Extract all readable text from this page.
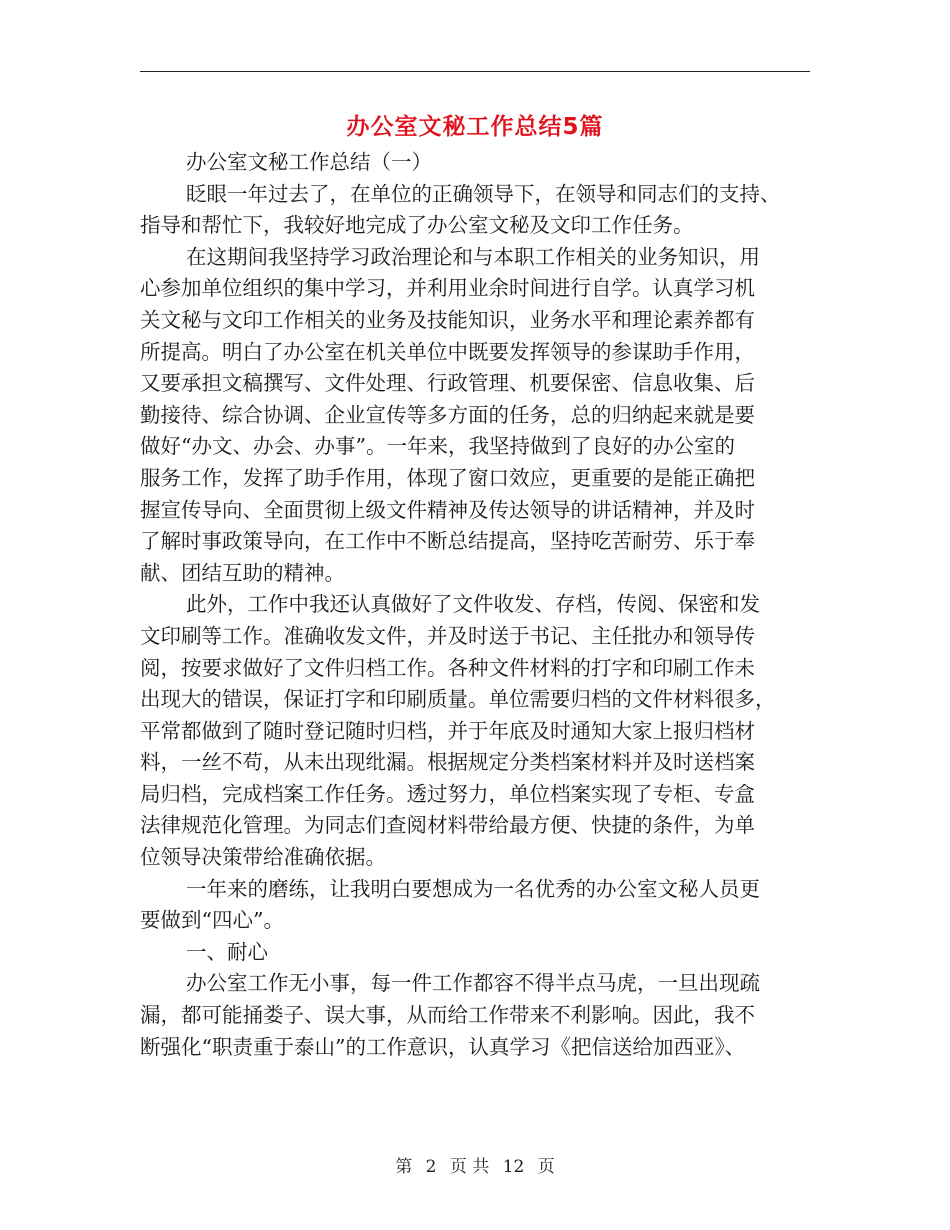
办公室文秘工作总结5篇
办公室文秘工作总结（一）
眨眼一年过去了，在单位的正确领导下，在领导和同志们的支持、
指导和帮忙下，我较好地完成了办公室文秘及文印工作任务。
在这期间我坚持学习政治理论和与本职工作相关的业务知识，用
心参加单位组织的集中学习，并利用业余时间进行自学。认真学习机
关文秘与文印工作相关的业务及技能知识，业务水平和理论素养都有
所提高。明白了办公室在机关单位中既要发挥领导的参谋助手作用，
又要承担文稿撰写、文件处理、行政管理、机要保密、信息收集、后
勤接待、综合协调、企业宣传等多方面的任务，总的归纳起来就是要
做好“办文、办会、办事”。一年来，我坚持做到了良好的办公室的
服务工作，发挥了助手作用，体现了窗口效应，更重要的是能正确把
握宣传导向、全面贯彻上级文件精神及传达领导的讲话精神，并及时
了解时事政策导向，在工作中不断总结提高，坚持吃苦耐劳、乐于奉
献、团结互助的精神。
此外，工作中我还认真做好了文件收发、存档，传阅、保密和发
文印刷等工作。准确收发文件，并及时送于书记、主任批办和领导传
阅，按要求做好了文件归档工作。各种文件材料的打字和印刷工作未
出现大的错误，保证打字和印刷质量。单位需要归档的文件材料很多，
平常都做到了随时登记随时归档，并于年底及时通知大家上报归档材
料，一丝不苟，从未出现纰漏。根据规定分类档案材料并及时送档案
局归档，完成档案工作任务。透过努力，单位档案实现了专柜、专盒
法律规范化管理。为同志们查阅材料带给最方便、快捷的条件，为单
位领导决策带给准确依据。
一年来的磨练，让我明白要想成为一名优秀的办公室文秘人员更
要做到“四心”。
一、耐心
办公室工作无小事，每一件工作都容不得半点马虎，一旦出现疏
漏，都可能捅娄子、误大事，从而给工作带来不利影响。因此，我不
断强化“职责重于泰山”的工作意识，认真学习《把信送给加西亚》、
第 2 页 共 12 页
